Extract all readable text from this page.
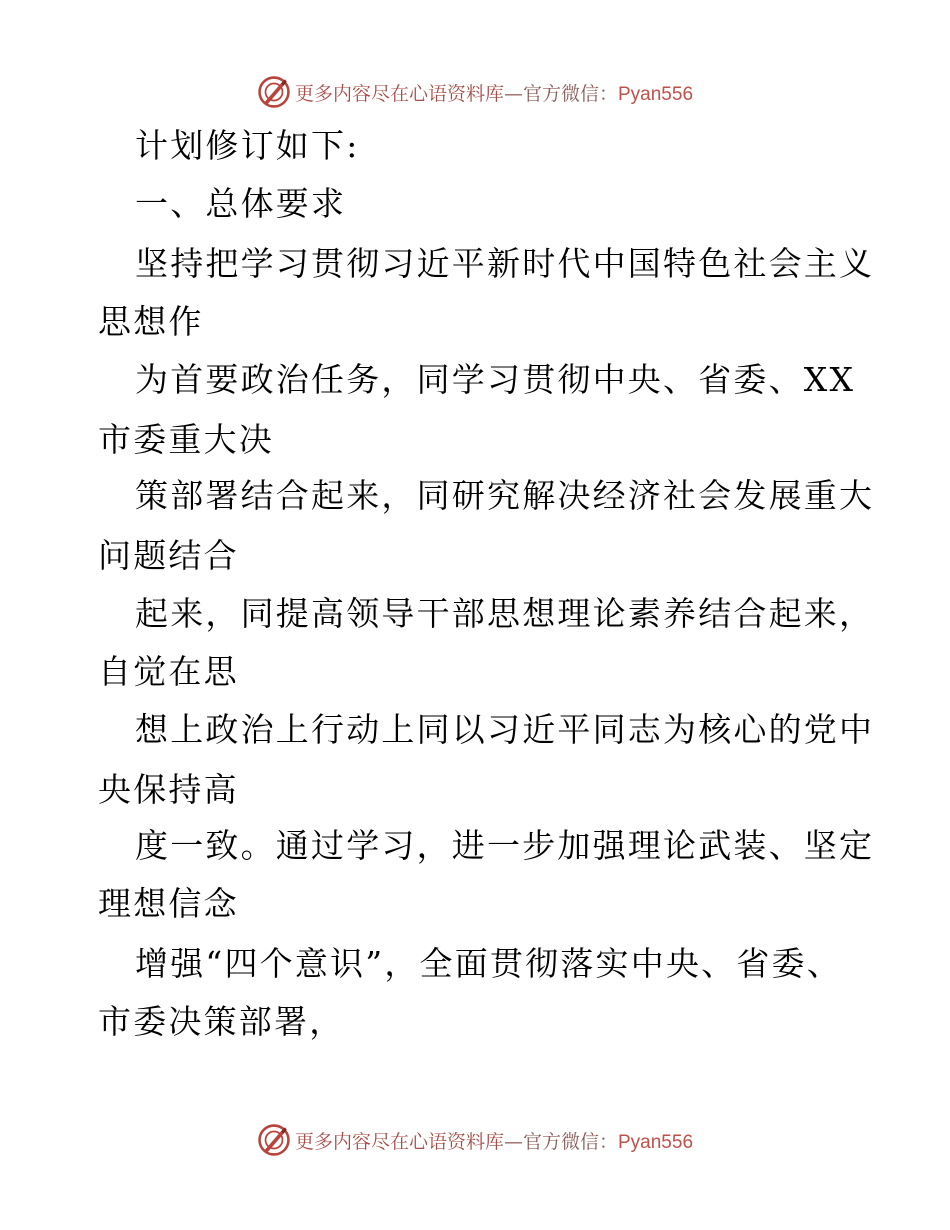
更多内容尽在心语资料库—官方微信：Pyan556
计划修订如下:
一、总体要求
坚持把学习贯彻习近平新时代中国特色社会主义
思想作
为首要政治任务，同学习贯彻中央、省委、XX
市委重大决
策部署结合起来，同研究解决经济社会发展重大
问题结合
起来，同提高领导干部思想理论素养结合起来，
自觉在思
想上政治上行动上同以习近平同志为核心的党中
央保持高
度一致。通过学习，进一步加强理论武装、坚定
理想信念
增强“四个意识”，全面贯彻落实中央、省委、
市委决策部署，
更多内容尽在心语资料库—官方微信：Pyan556
